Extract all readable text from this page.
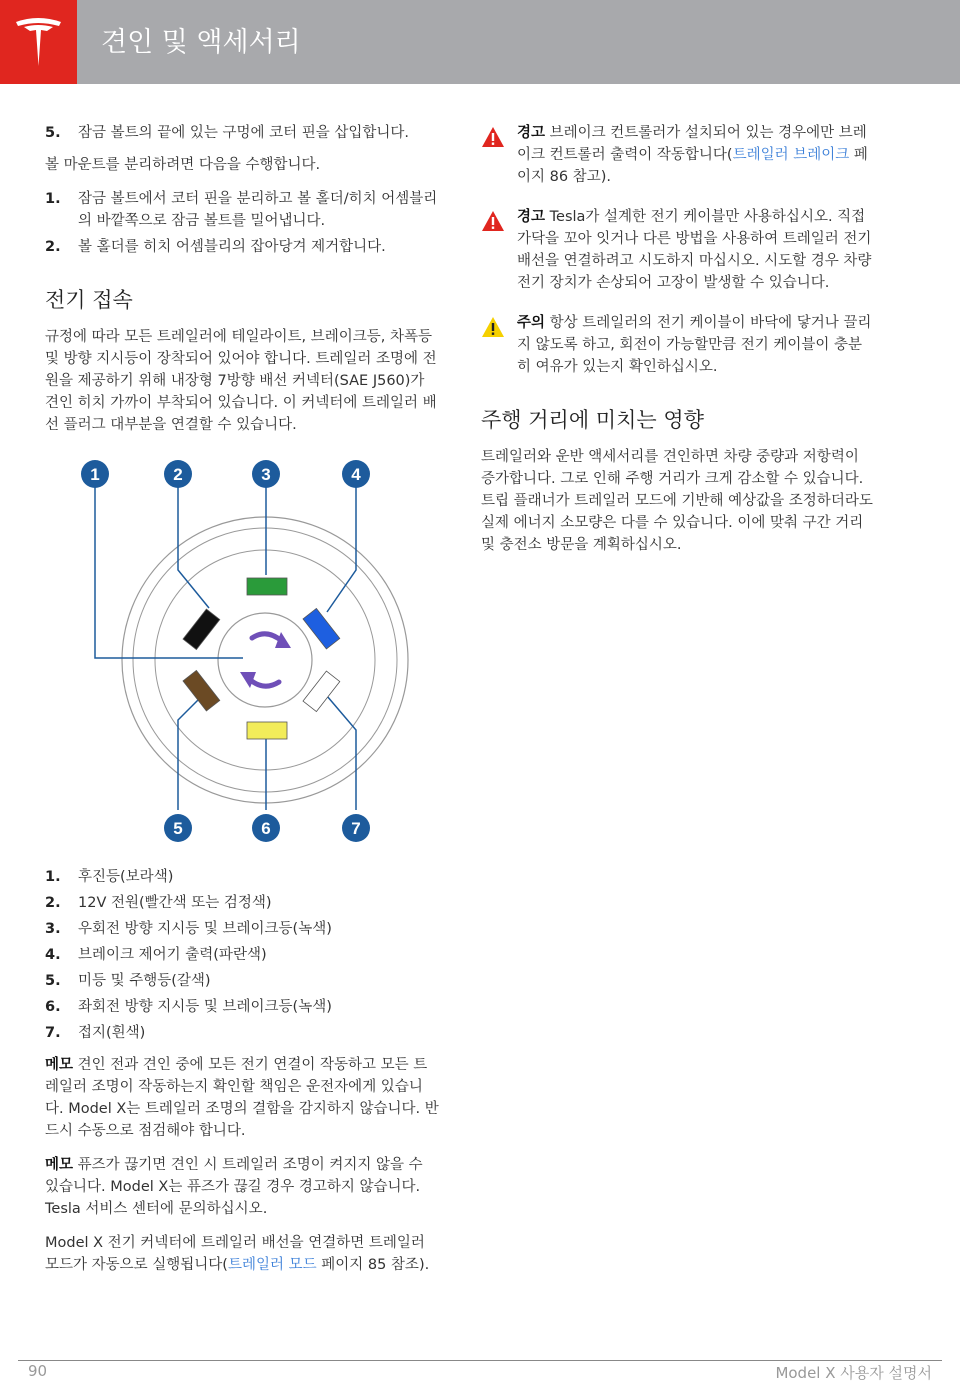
견인 및 액세서리
5. 잠금 볼트의 끝에 있는 구멍에 코터 핀을 삽입합니다.

볼 마운트를 분리하려면 다음을 수행합니다.

1. 잠금 볼트에서 코터 핀을 분리하고 볼 홀더/히치 어셈블리의 바깥쪽으로 잠금 볼트를 밀어냅니다.
2. 볼 홀더를 히치 어셈블리의 잡아당겨 제거합니다.
전기 접속

규정에 따라 모든 트레일러에 테일라이트, 브레이크등, 차폭등 및 방향 지시등이 장착되어 있어야 합니다. 트레일러 조명에 전원을 제공하기 위해 내장형 7방향 배선 커넥터(SAE J560)가 견인 히치 가까이 부착되어 있습니다. 이 커넥터에 트레일러 배선 플러그 대부분을 연결할 수 있습니다.

1	2	3	4
5	6	7
1. 후진등(보라색)
2. 12V 전원(빨간색 또는 검정색)
3. 우회전 방향 지시등 및 브레이크등(녹색)
4. 브레이크 제어기 출력(파란색)
5. 미등 및 주행등(갈색)
6. 좌회전 방향 지시등 및 브레이크등(녹색)
7. 접지(흰색)

메모 견인 전과 견인 중에 모든 전기 연결이 작동하고 모든 트레일러 조명이 작동하는지 확인할 책임은 운전자에게 있습니다. Model X는 트레일러 조명의 결함을 감지하지 않습니다. 반드시 수동으로 점검해야 합니다.

메모 퓨즈가 끊기면 견인 시 트레일러 조명이 켜지지 않을 수 있습니다. Model X는 퓨즈가 끊길 경우 경고하지 않습니다. Tesla 서비스 센터에 문의하십시오.

Model X 전기 커넥터에 트레일러 배선을 연결하면 트레일러 모드가 자동으로 실행됩니다(트레일러 모드 페이지 85 참조).

경고 브레이크 컨트롤러가 설치되어 있는 경우에만 브레이크 컨트롤러 출력이 작동합니다(트레일러 브레이크 페이지 86 참고).

경고 Tesla가 설계한 전기 케이블만 사용하십시오. 직접 가닥을 꼬아 잇거나 다른 방법을 사용하여 트레일러 전기 배선을 연결하려고 시도하지 마십시오. 시도할 경우 차량 전기 장치가 손상되어 고장이 발생할 수 있습니다.

주의 항상 트레일러의 전기 케이블이 바닥에 닿거나 끌리지 않도록 하고, 회전이 가능할만큼 전기 케이블이 충분히 여유가 있는지 확인하십시오.

주행 거리에 미치는 영향

트레일러와 운반 액세서리를 견인하면 차량 중량과 저항력이 증가합니다. 그로 인해 주행 거리가 크게 감소할 수 있습니다. 트립 플래너가 트레일러 모드에 기반해 예상값을 조정하더라도 실제 에너지 소모량은 다를 수 있습니다. 이에 맞춰 구간 거리 및 충전소 방문을 계획하십시오.

90	Model X 사용자 설명서
